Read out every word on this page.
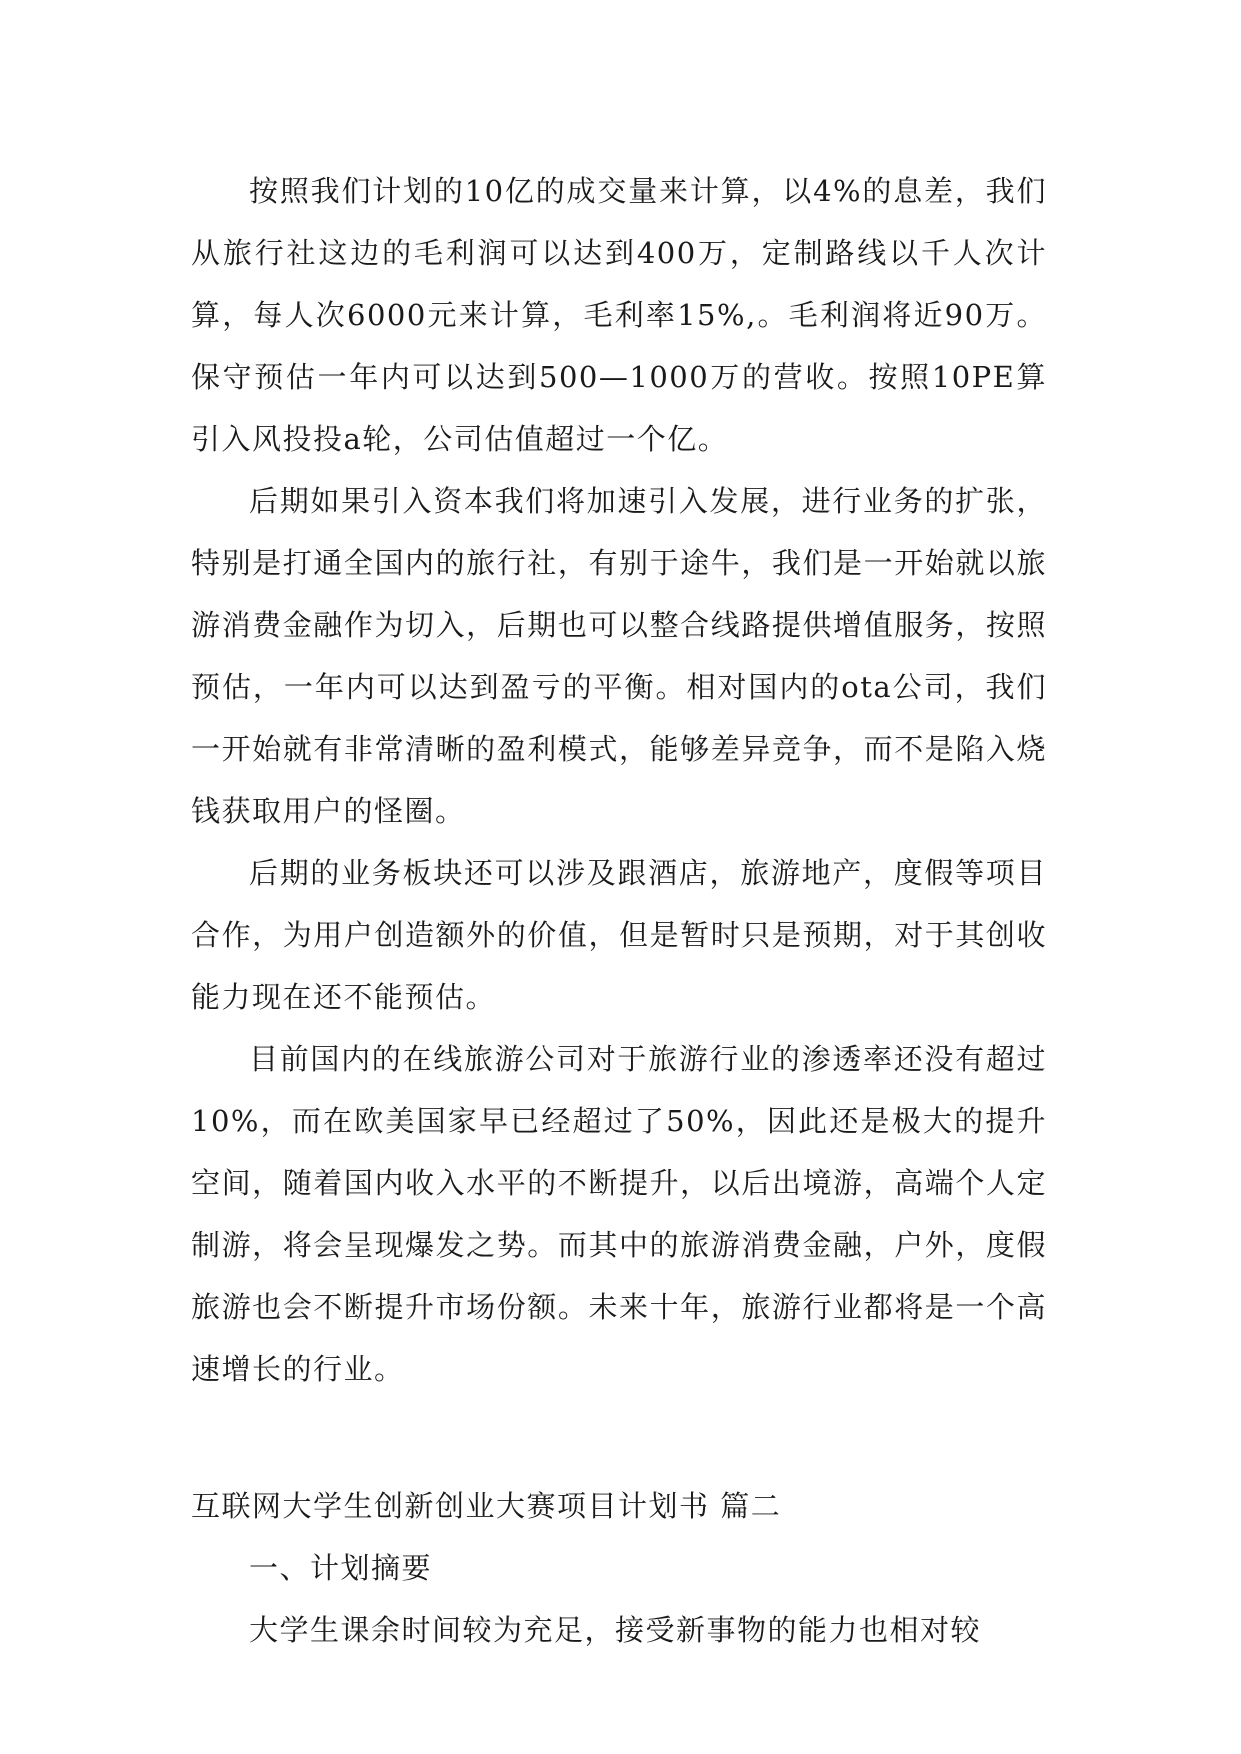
按照我们计划的10亿的成交量来计算，以4%的息差，我们从旅行社这边的毛利润可以达到400万，定制路线以千人次计算，每人次6000元来计算，毛利率15%,。毛利润将近90万。保守预估一年内可以达到500—1000万的营收。按照10PE算引入风投投a轮，公司估值超过一个亿。

后期如果引入资本我们将加速引入发展，进行业务的扩张，特别是打通全国内的旅行社，有别于途牛，我们是一开始就以旅游消费金融作为切入，后期也可以整合线路提供增值服务，按照预估，一年内可以达到盈亏的平衡。相对国内的ota公司，我们一开始就有非常清晰的盈利模式，能够差异竞争，而不是陷入烧钱获取用户的怪圈。

后期的业务板块还可以涉及跟酒店，旅游地产，度假等项目合作，为用户创造额外的价值，但是暂时只是预期，对于其创收能力现在还不能预估。

目前国内的在线旅游公司对于旅游行业的渗透率还没有超过10%，而在欧美国家早已经超过了50%，因此还是极大的提升空间，随着国内收入水平的不断提升，以后出境游，高端个人定制游，将会呈现爆发之势。而其中的旅游消费金融，户外，度假旅游也会不断提升市场份额。未来十年，旅游行业都将是一个高速增长的行业。

互联网大学生创新创业大赛项目计划书 篇二

一、计划摘要

大学生课余时间较为充足，接受新事物的能力也相对较
